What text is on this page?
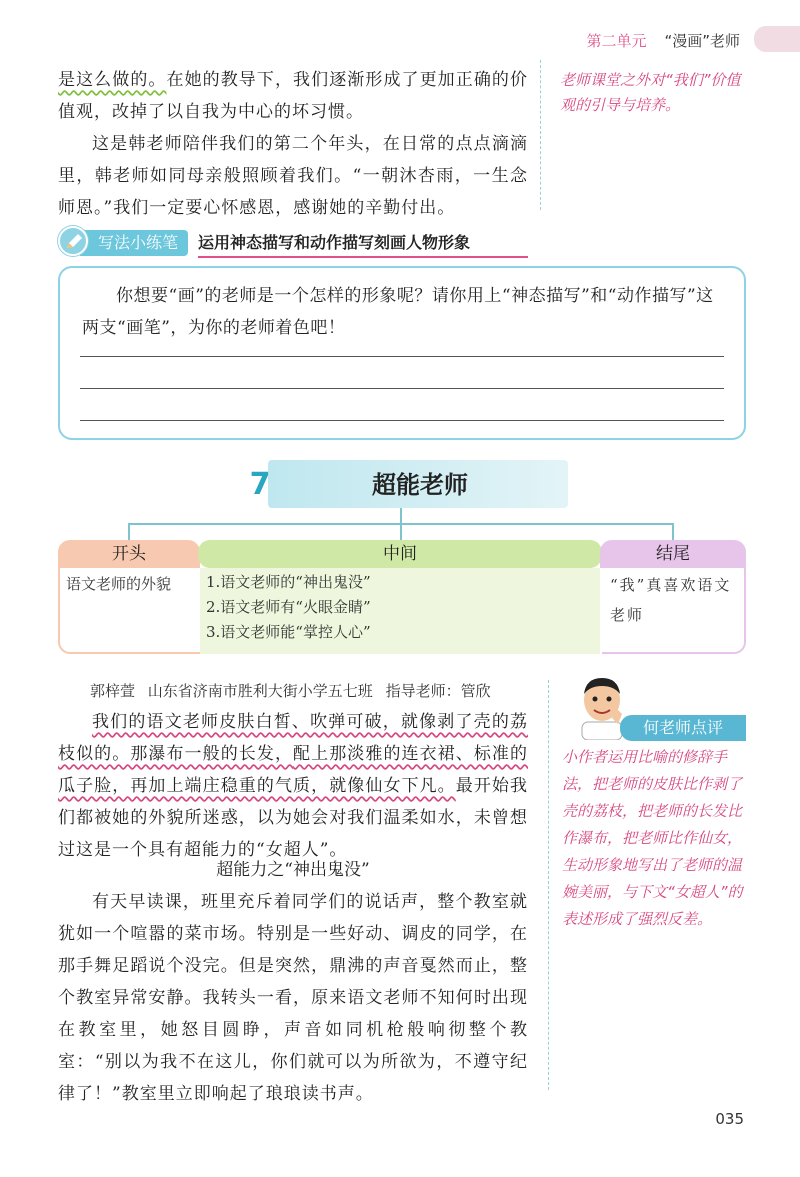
第二单元 “漫画”老师
是这么做的。在她的教导下，我们逐渐形成了更加正确的价值观，改掉了以自我为中心的坏习惯。
这是韩老师陪伴我们的第二个年头，在日常的点点滴滴里，韩老师如同母亲般照顾着我们。“一朝沐杏雨，一生念师恩。”我们一定要心怀感恩，感谢她的辛勤付出。
老师课堂之外对“我们”价值观的引导与培养。
写法小练笔	运用神态描写和动作描写刻画人物形象
你想要“画”的老师是一个怎样的形象呢？请你用上“神态描写”和“动作描写”这两支“画笔”，为你的老师着色吧！
7	超能老师
开头	中间	结尾
语文老师的外貌	1.语文老师的“神出鬼没”
2.语文老师有“火眼金睛”
3.语文老师能“掌控人心”
“我”真喜欢语文老师
郭梓萱 山东省济南市胜利大街小学五七班 指导老师：管欣
我们的语文老师皮肤白皙、吹弹可破，就像剥了壳的荔枝似的。那瀑布一般的长发，配上那淡雅的连衣裙、标准的瓜子脸，再加上端庄稳重的气质，就像仙女下凡。最开始我们都被她的外貌所迷惑，以为她会对我们温柔如水，未曾想过这是一个具有超能力的“女超人”。
超能力之“神出鬼没”
有天早读课，班里充斥着同学们的说话声，整个教室就犹如一个喧嚣的菜市场。特别是一些好动、调皮的同学，在那手舞足蹈说个没完。但是突然，鼎沸的声音戛然而止，整个教室异常安静。我转头一看，原来语文老师不知何时出现在教室里，她怒目圆睁，声音如同机枪般响彻整个教室：“别以为我不在这儿，你们就可以为所欲为，不遵守纪律了！”教室里立即响起了琅琅读书声。
何老师点评
小作者运用比喻的修辞手法，把老师的皮肤比作剥了壳的荔枝，把老师的长发比作瀑布，把老师比作仙女，生动形象地写出了老师的温婉美丽，与下文“女超人”的表述形成了强烈反差。
035
